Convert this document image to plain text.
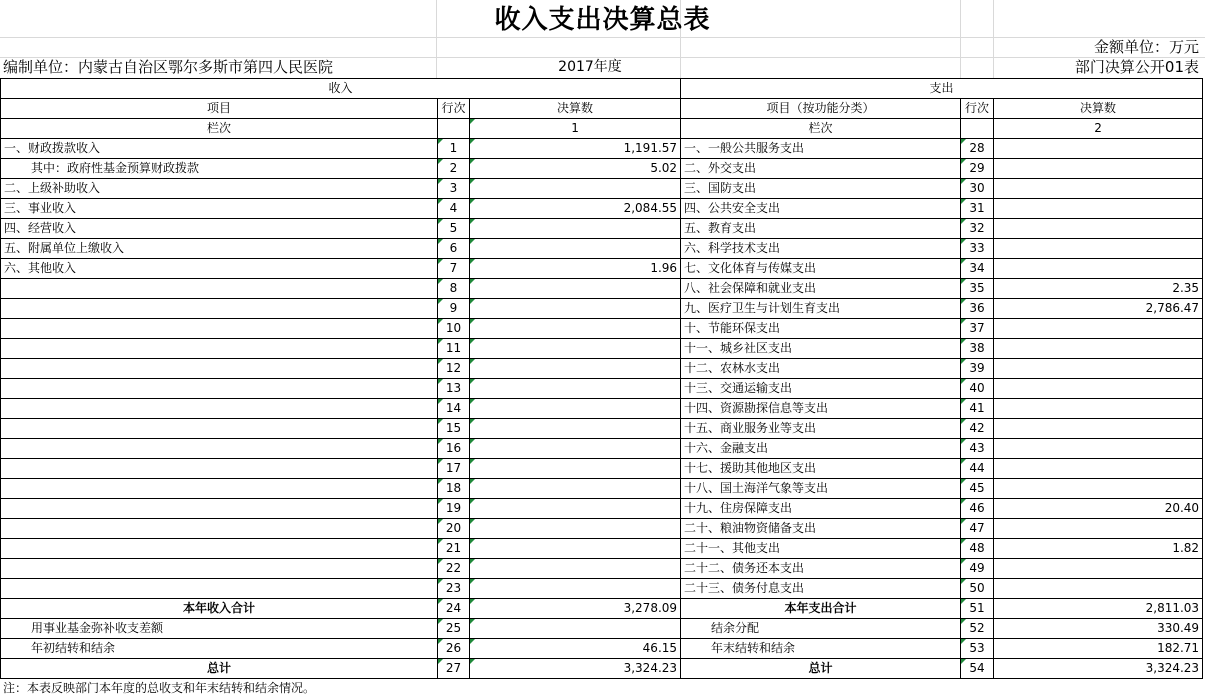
收入支出决算总表
金额单位：万元
编制单位：内蒙古自治区鄂尔多斯市第四人民医院	2017年度	部门决算公开01表
收入			支出		
项目	行次	决算数	项目（按功能分类）	行次	决算数
栏次		1	栏次		2
一、财政拨款收入	1	1,191.57	一、一般公共服务支出	28	
其中：政府性基金预算财政拨款	2	5.02	二、外交支出	29	
二、上级补助收入	3		三、国防支出	30	
三、事业收入	4	2,084.55	四、公共安全支出	31	
四、经营收入	5		五、教育支出	32	
五、附属单位上缴收入	6		六、科学技术支出	33	
六、其他收入	7	1.96	七、文化体育与传媒支出	34	
	8		八、社会保障和就业支出	35	2.35
	9		九、医疗卫生与计划生育支出	36	2,786.47
	10		十、节能环保支出	37	
	11		十一、城乡社区支出	38	
	12		十二、农林水支出	39	
	13		十三、交通运输支出	40	
	14		十四、资源勘探信息等支出	41	
	15		十五、商业服务业等支出	42	
	16		十六、金融支出	43	
	17		十七、援助其他地区支出	44	
	18		十八、国土海洋气象等支出	45	
	19		十九、住房保障支出	46	20.40
	20		二十、粮油物资储备支出	47	
	21		二十一、其他支出	48	1.82
	22		二十二、债务还本支出	49	
	23		二十三、债务付息支出	50	
本年收入合计	24	3,278.09	本年支出合计	51	2,811.03
用事业基金弥补收支差额	25		结余分配	52	330.49
年初结转和结余	26	46.15	年末结转和结余	53	182.71
总计	27	3,324.23	总计	54	3,324.23
注：本表反映部门本年度的总收支和年末结转和结余情况。
